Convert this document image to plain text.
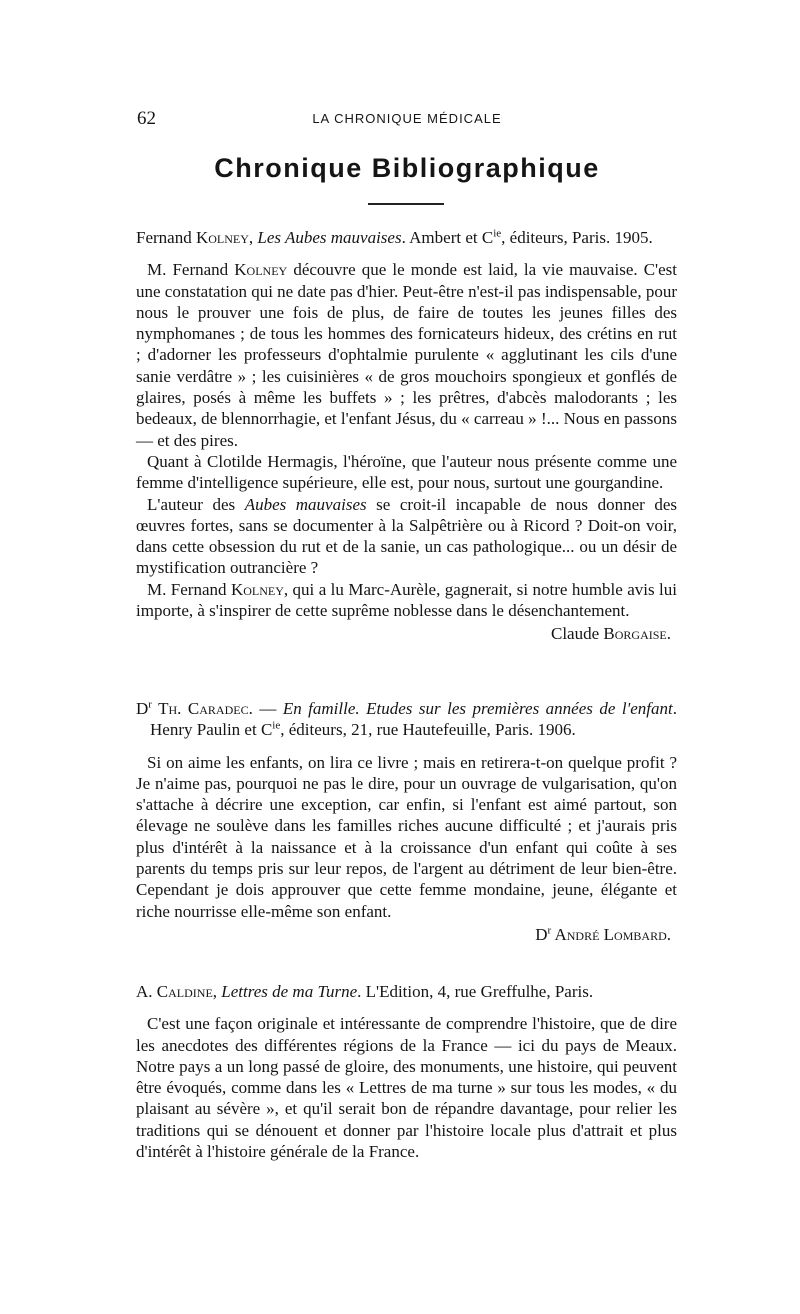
62	LA CHRONIQUE MÉDICALE
Chronique Bibliographique

Fernand Kolney, Les Aubes mauvaises. Ambert et $C^{ie}$, éditeurs, Paris. 1905.

M. Fernand Kolney découvre que le monde est laid, la vie mauvaise. C'est une constatation qui ne date pas d'hier. Peut-être n'est-il pas indispensable, pour nous le prouver une fois de plus, de faire de toutes les jeunes filles des nymphomanes ; de tous les hommes des fornicateurs hideux, des crétins en rut ; d'adorner les professeurs d'ophtalmie purulente « agglutinant les cils d'une sanie verdâtre » ; les cuisinières « de gros mouchoirs spongieux et gonflés de glaires, posés à même les buffets » ; les prêtres, d'abcès malodorants ; les bedeaux, de blennorrhagie, et l'enfant Jésus, du « carreau » !... Nous en passons — et des pires.

Quant à Clotilde Hermagis, l'héroïne, que l'auteur nous présente comme une femme d'intelligence supérieure, elle est, pour nous, surtout une gourgandine.

L'auteur des Aubes mauvaises se croit-il incapable de nous donner des œuvres fortes, sans se documenter à la Salpêtrière ou à Ricord ? Doit-on voir, dans cette obsession du rut et de la sanie, un cas pathologique... ou un désir de mystification outrancière ?

M. Fernand Kolney, qui a lu Marc-Aurèle, gagnerait, si notre humble avis lui importe, à s'inspirer de cette suprême noblesse dans le désenchantement.

Claude Borgaise.

$D^r$ Th. Caradec. — En famille. Etudes sur les premières années de l'enfant. Henry Paulin et $C^{ie}$, éditeurs, 21, rue Hautefeuille, Paris. 1906.

Si on aime les enfants, on lira ce livre ; mais en retirera-t-on quelque profit ? Je n'aime pas, pourquoi ne pas le dire, pour un ouvrage de vulgarisation, qu'on s'attache à décrire une exception, car enfin, si l'enfant est aimé partout, son élevage ne soulève dans les familles riches aucune difficulté ; et j'aurais pris plus d'intérêt à la naissance et à la croissance d'un enfant qui coûte à ses parents du temps pris sur leur repos, de l'argent au détriment de leur bien-être. Cependant je dois approuver que cette femme mondaine, jeune, élégante et riche nourrisse elle-même son enfant.

$D^r$ André Lombard.

A. Caldine, Lettres de ma Turne. L'Edition, 4, rue Greffulhe, Paris.

C'est une façon originale et intéressante de comprendre l'histoire, que de dire les anecdotes des différentes régions de la France — ici du pays de Meaux. Notre pays a un long passé de gloire, des monuments, une histoire, qui peuvent être évoqués, comme dans les « Lettres de ma turne » sur tous les modes, « du plaisant au sévère », et qu'il serait bon de répandre davantage, pour relier les traditions qui se dénouent et donner par l'histoire locale plus d'attrait et plus d'intérêt à l'histoire générale de la France.
